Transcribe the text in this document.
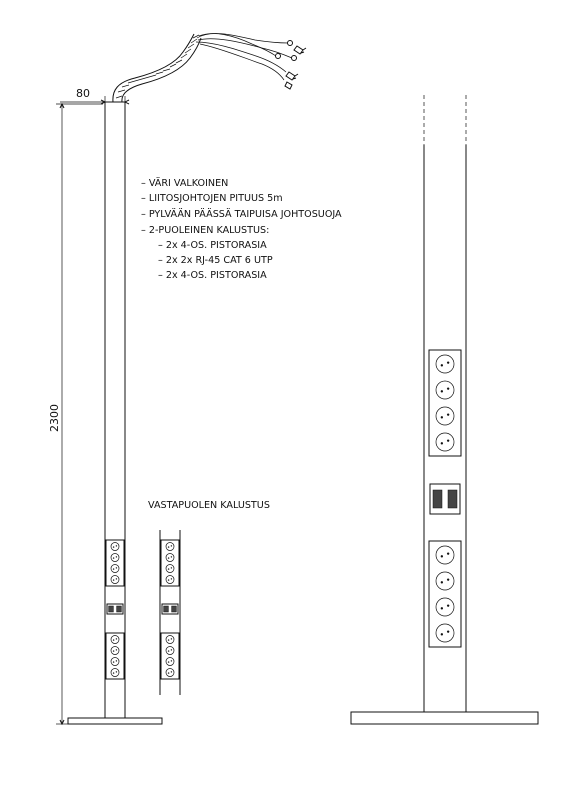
80
2300
– VÄRI VALKOINEN
– LIITOSJOHTOJEN PITUUS 5m
– PYLVÄÄN PÄÄSSÄ TAIPUISA JOHTOSUOJA
– 2-PUOLEINEN KALUSTUS:
– 2x 4-OS. PISTORASIA
– 2x 2x RJ-45 CAT 6 UTP
– 2x 4-OS. PISTORASIA
VASTAPUOLEN KALUSTUS
